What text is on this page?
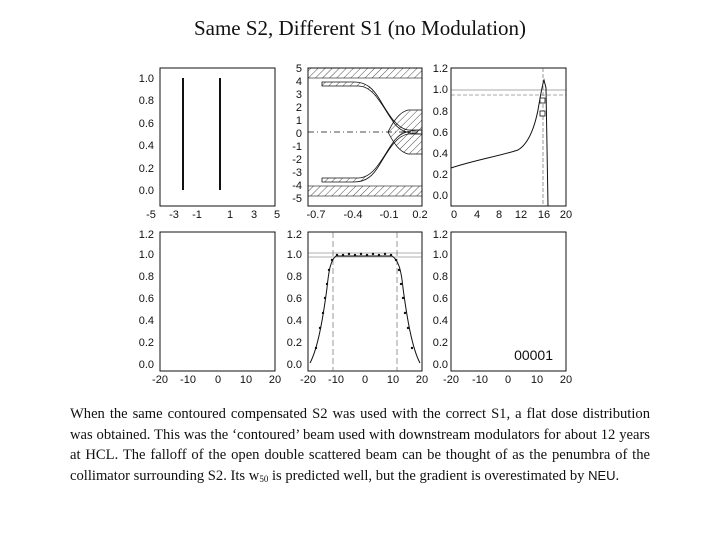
Same S2, Different S1 (no Modulation)
1.0
0.8
0.6
0.4
0.2
0.0
-5 -3 -1 1 3 5
5
4
3
2
1
0
-1
-2
-3
-4
-5
-0.7 -0.4 -0.1 0.2
1.2
1.0
0.8
0.6
0.4
0.2
0.0
0 4 8 12 16 20
1.2
1.0
0.8
0.6
0.4
0.2
0.0
-20 -10 0 10 20
1.2
1.0
0.8
0.6
0.4
0.2
0.0
-20 -10 0 10 20
1.2
1.0
0.8
0.6
0.4
0.2
0.0
-20 -10 0 10 20
00001
When the same contoured compensated S2 was used with the correct S1, a flat dose distribution was obtained. This was the ‘contoured’ beam used with downstream modulators for about 12 years at HCL. The falloff of the open double scattered beam can be thought of as the penumbra of the collimator surrounding S2. Its $w_{50}$ is predicted well, but the gradient is overestimated by NEU.
